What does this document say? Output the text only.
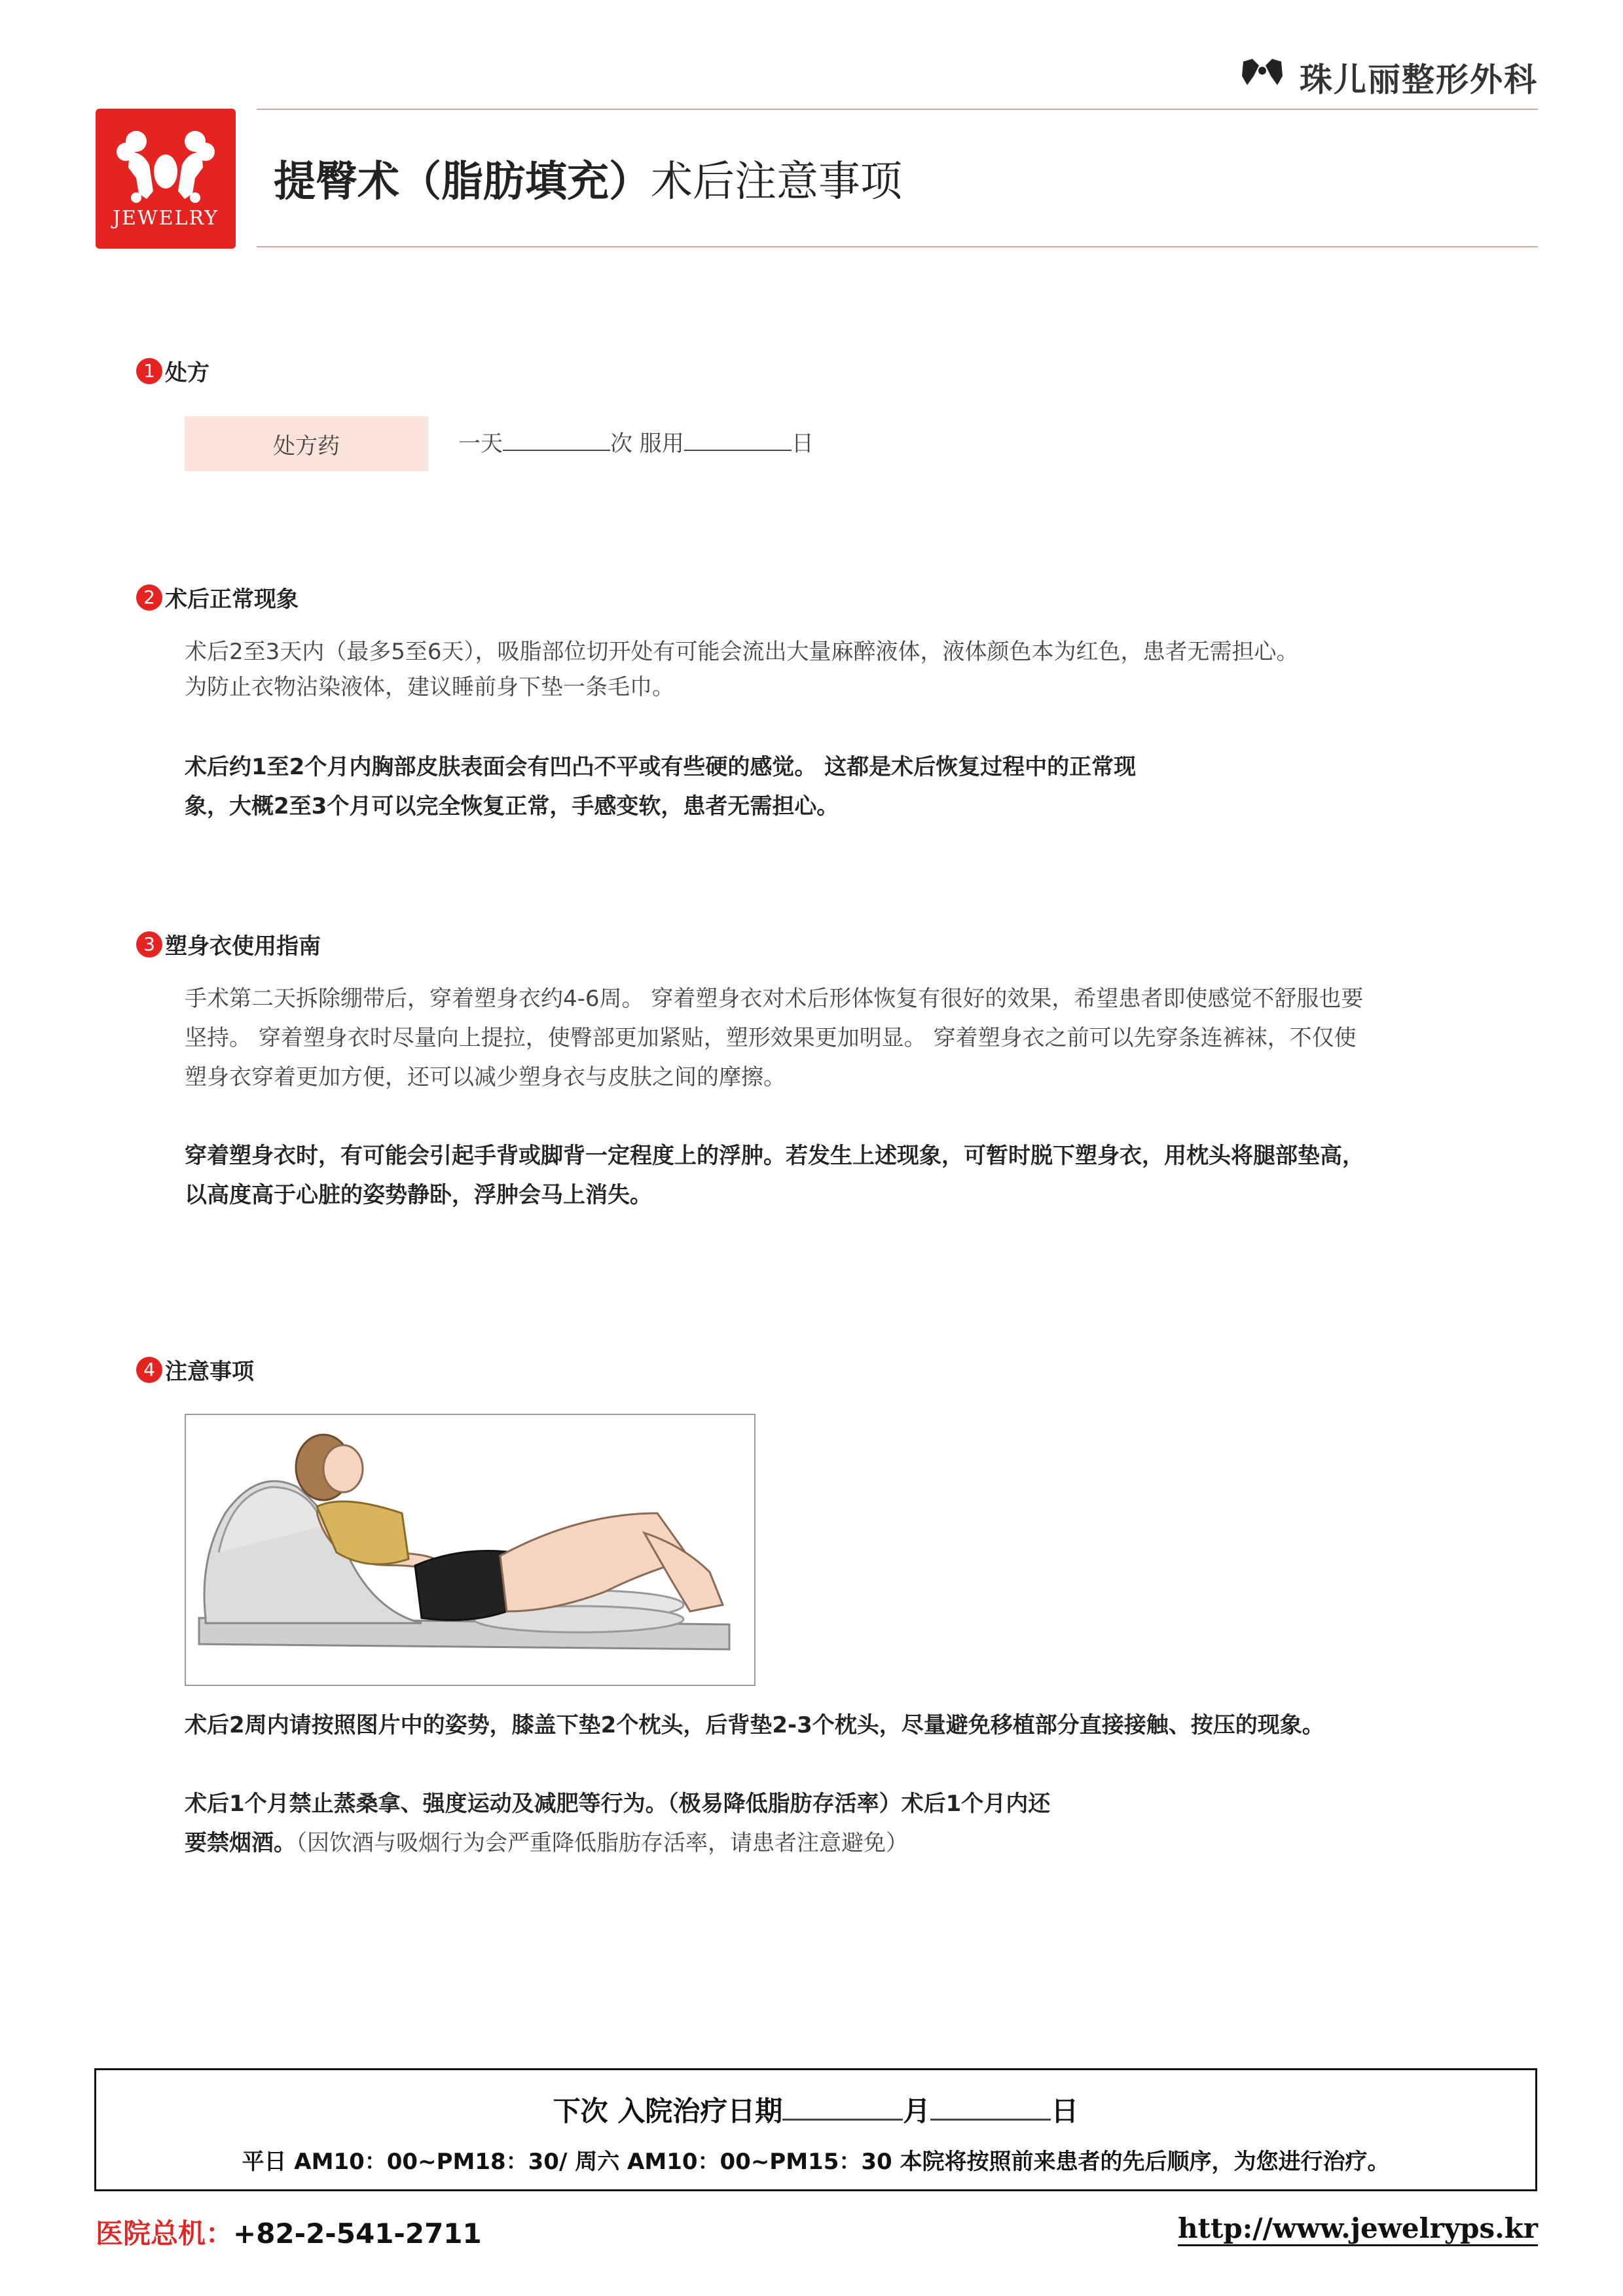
珠儿丽整形外科
JEWELRY
提臀术（脂肪填充）术后注意事项
1 处方
处方药	一天	次 服用	日
2 术后正常现象
术后2至3天内（最多5至6天），吸脂部位切开处有可能会流出大量麻醉液体，液体颜色本为红色，患者无需担心。
为防止衣物沾染液体，建议睡前身下垫一条毛巾。
术后约1至2个月内胸部皮肤表面会有凹凸不平或有些硬的感觉。 这都是术后恢复过程中的正常现
象，大概2至3个月可以完全恢复正常，手感变软，患者无需担心。
3 塑身衣使用指南
手术第二天拆除绷带后，穿着塑身衣约4-6周。 穿着塑身衣对术后形体恢复有很好的效果，希望患者即使感觉不舒服也要
坚持。 穿着塑身衣时尽量向上提拉，使臀部更加紧贴，塑形效果更加明显。 穿着塑身衣之前可以先穿条连裤袜，不仅使
塑身衣穿着更加方便，还可以减少塑身衣与皮肤之间的摩擦。
穿着塑身衣时，有可能会引起手背或脚背一定程度上的浮肿。若发生上述现象，可暂时脱下塑身衣，用枕头将腿部垫高，
以高度高于心脏的姿势静卧，浮肿会马上消失。
4 注意事项
术后2周内请按照图片中的姿势，膝盖下垫2个枕头，后背垫2-3个枕头，尽量避免移植部分直接接触、按压的现象。
术后1个月禁止蒸桑拿、强度运动及减肥等行为。（极易降低脂肪存活率）术后1个月内还
要禁烟酒。（因饮酒与吸烟行为会严重降低脂肪存活率，请患者注意避免）
下次 入院治疗日期	月	日
平日 AM10：00~PM18：30/ 周六 AM10：00~PM15：30 本院将按照前来患者的先后顺序，为您进行治疗。
医院总机：+82-2-541-2711	http://www.jewelryps.kr
